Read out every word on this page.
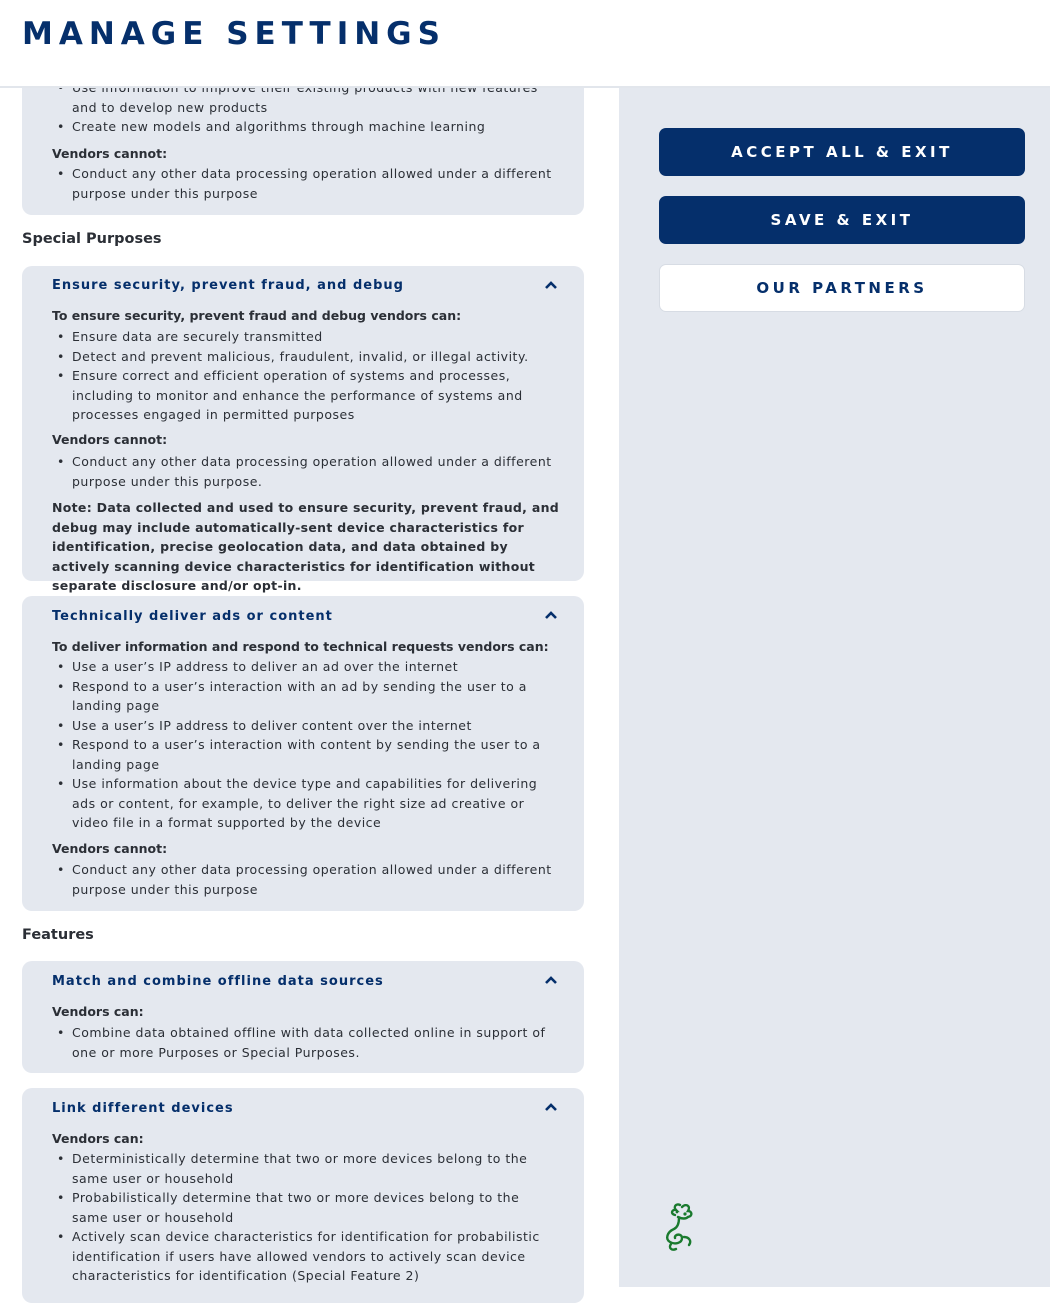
• and to develop new products
• Create new models and algorithms through machine learning

Vendors cannot:

• Conduct any other data processing operation allowed under a different purpose under this purpose
Special Purposes
Ensure security, prevent fraud, and debug

To ensure security, prevent fraud and debug vendors can:

• Ensure data are securely transmitted
• Detect and prevent malicious, fraudulent, invalid, or illegal activity.
• Ensure correct and efficient operation of systems and processes, including to monitor and enhance the performance of systems and processes engaged in permitted purposes

Vendors cannot:

• Conduct any other data processing operation allowed under a different purpose under this purpose.

Note: Data collected and used to ensure security, prevent fraud, and debug may include automatically-sent device characteristics for identification, precise geolocation data, and data obtained by actively scanning device characteristics for identification without separate disclosure and/or opt-in.

Technically deliver ads or content

To deliver information and respond to technical requests vendors can:

• Use a user’s IP address to deliver an ad over the internet
• Respond to a user’s interaction with an ad by sending the user to a landing page
• Use a user’s IP address to deliver content over the internet
• Respond to a user’s interaction with content by sending the user to a landing page
• Use information about the device type and capabilities for delivering ads or content, for example, to deliver the right size ad creative or video file in a format supported by the device

Vendors cannot:

• Conduct any other data processing operation allowed under a different purpose under this purpose
Features
Match and combine offline data sources

Vendors can:

• Combine data obtained offline with data collected online in support of one or more Purposes or Special Purposes.
Link different devices

Vendors can:

• Deterministically determine that two or more devices belong to the same user or household
• Probabilistically determine that two or more devices belong to the same user or household
• Actively scan device characteristics for identification for probabilistic identification if users have allowed vendors to actively scan device characteristics for identification (Special Feature 2)
MANAGE SETTINGS
ACCEPT ALL & EXIT
SAVE & EXIT
OUR PARTNERS
